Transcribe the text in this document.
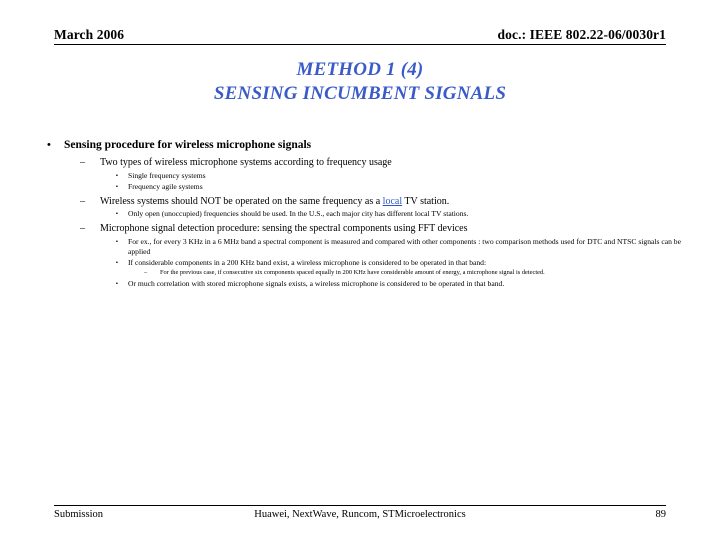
March 2006	doc.: IEEE 802.22-06/0030r1
METHOD 1 (4)
SENSING INCUMBENT SIGNALS
• Sensing procedure for wireless microphone signals
– Two types of wireless microphone systems according to frequency usage
▪ Single frequency systems
▪ Frequency agile systems
– Wireless systems should NOT be operated on the same frequency as a local TV station.
▪ Only open (unoccupied) frequencies should be used. In the U.S., each major city has different local TV stations.
– Microphone signal detection procedure: sensing the spectral components using FFT devices
▪ For ex., for every 3 KHz in a 6 MHz band a spectral component is measured and compared with other components : two comparison methods used for DTC and NTSC signals can be applied
▪ If considerable components in a 200 KHz band exist, a wireless microphone is considered to be operated in that band:
– For the previous case, if consecutive six components spaced equally in 200 KHz have considerable amount of energy, a microphone signal is detected.
▪ Or much correlation with stored microphone signals exists, a wireless microphone is considered to be operated in that band.
Submission	Huawei, NextWave, Runcom, STMicroelectronics	89
